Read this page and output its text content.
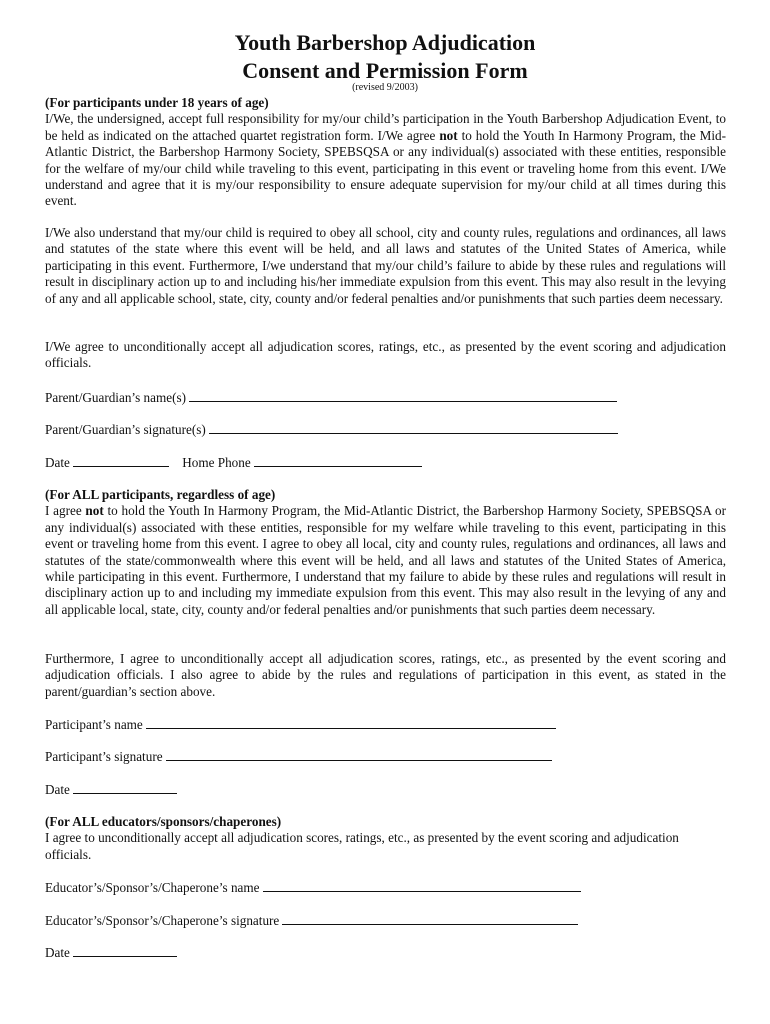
Youth Barbershop Adjudication
Consent and Permission Form
(revised 9/2003)

(For participants under 18 years of age)

I/We, the undersigned, accept full responsibility for my/our child’s participation in the Youth Barbershop Adjudication Event, to be held as indicated on the attached quartet registration form. I/We agree not to hold the Youth In Harmony Program, the Mid-Atlantic District, the Barbershop Harmony Society, SPEBSQSA or any individual(s) associated with these entities, responsible for the welfare of my/our child while traveling to this event, participating in this event or traveling home from this event. I/We understand and agree that it is my/our responsibility to ensure adequate supervision for my/our child at all times during this event.

I/We also understand that my/our child is required to obey all school, city and county rules, regulations and ordinances, all laws and statutes of the state where this event will be held, and all laws and statutes of the United States of America, while participating in this event. Furthermore, I/we understand that my/our child’s failure to abide by these rules and regulations will result in disciplinary action up to and including his/her immediate expulsion from this event. This may also result in the levying of any and all applicable school, state, city, county and/or federal penalties and/or punishments that such parties deem necessary.

I/We agree to unconditionally accept all adjudication scores, ratings, etc., as presented by the event scoring and adjudication officials.

Parent/Guardian’s name(s)
Parent/Guardian’s signature(s)
Date	Home Phone

(For ALL participants, regardless of age)

I agree not to hold the Youth In Harmony Program, the Mid-Atlantic District, the Barbershop Harmony Society, SPEBSQSA or any individual(s) associated with these entities, responsible for my welfare while traveling to this event, participating in this event or traveling home from this event. I agree to obey all local, city and county rules, regulations and ordinances, all laws and statutes of the state/commonwealth where this event will be held, and all laws and statutes of the United States of America, while participating in this event. Furthermore, I understand that my failure to abide by these rules and regulations will result in disciplinary action up to and including my immediate expulsion from this event. This may also result in the levying of any and all applicable local, state, city, county and/or federal penalties and/or punishments that such parties deem necessary.

Furthermore, I agree to unconditionally accept all adjudication scores, ratings, etc., as presented by the event scoring and adjudication officials. I also agree to abide by the rules and regulations of participation in this event, as stated in the parent/guardian’s section above.

Participant’s name
Participant’s signature
Date

(For ALL educators/sponsors/chaperones)

I agree to unconditionally accept all adjudication scores, ratings, etc., as presented by the event scoring and adjudication officials.

Educator’s/Sponsor’s/Chaperone’s name
Educator’s/Sponsor’s/Chaperone’s signature
Date
